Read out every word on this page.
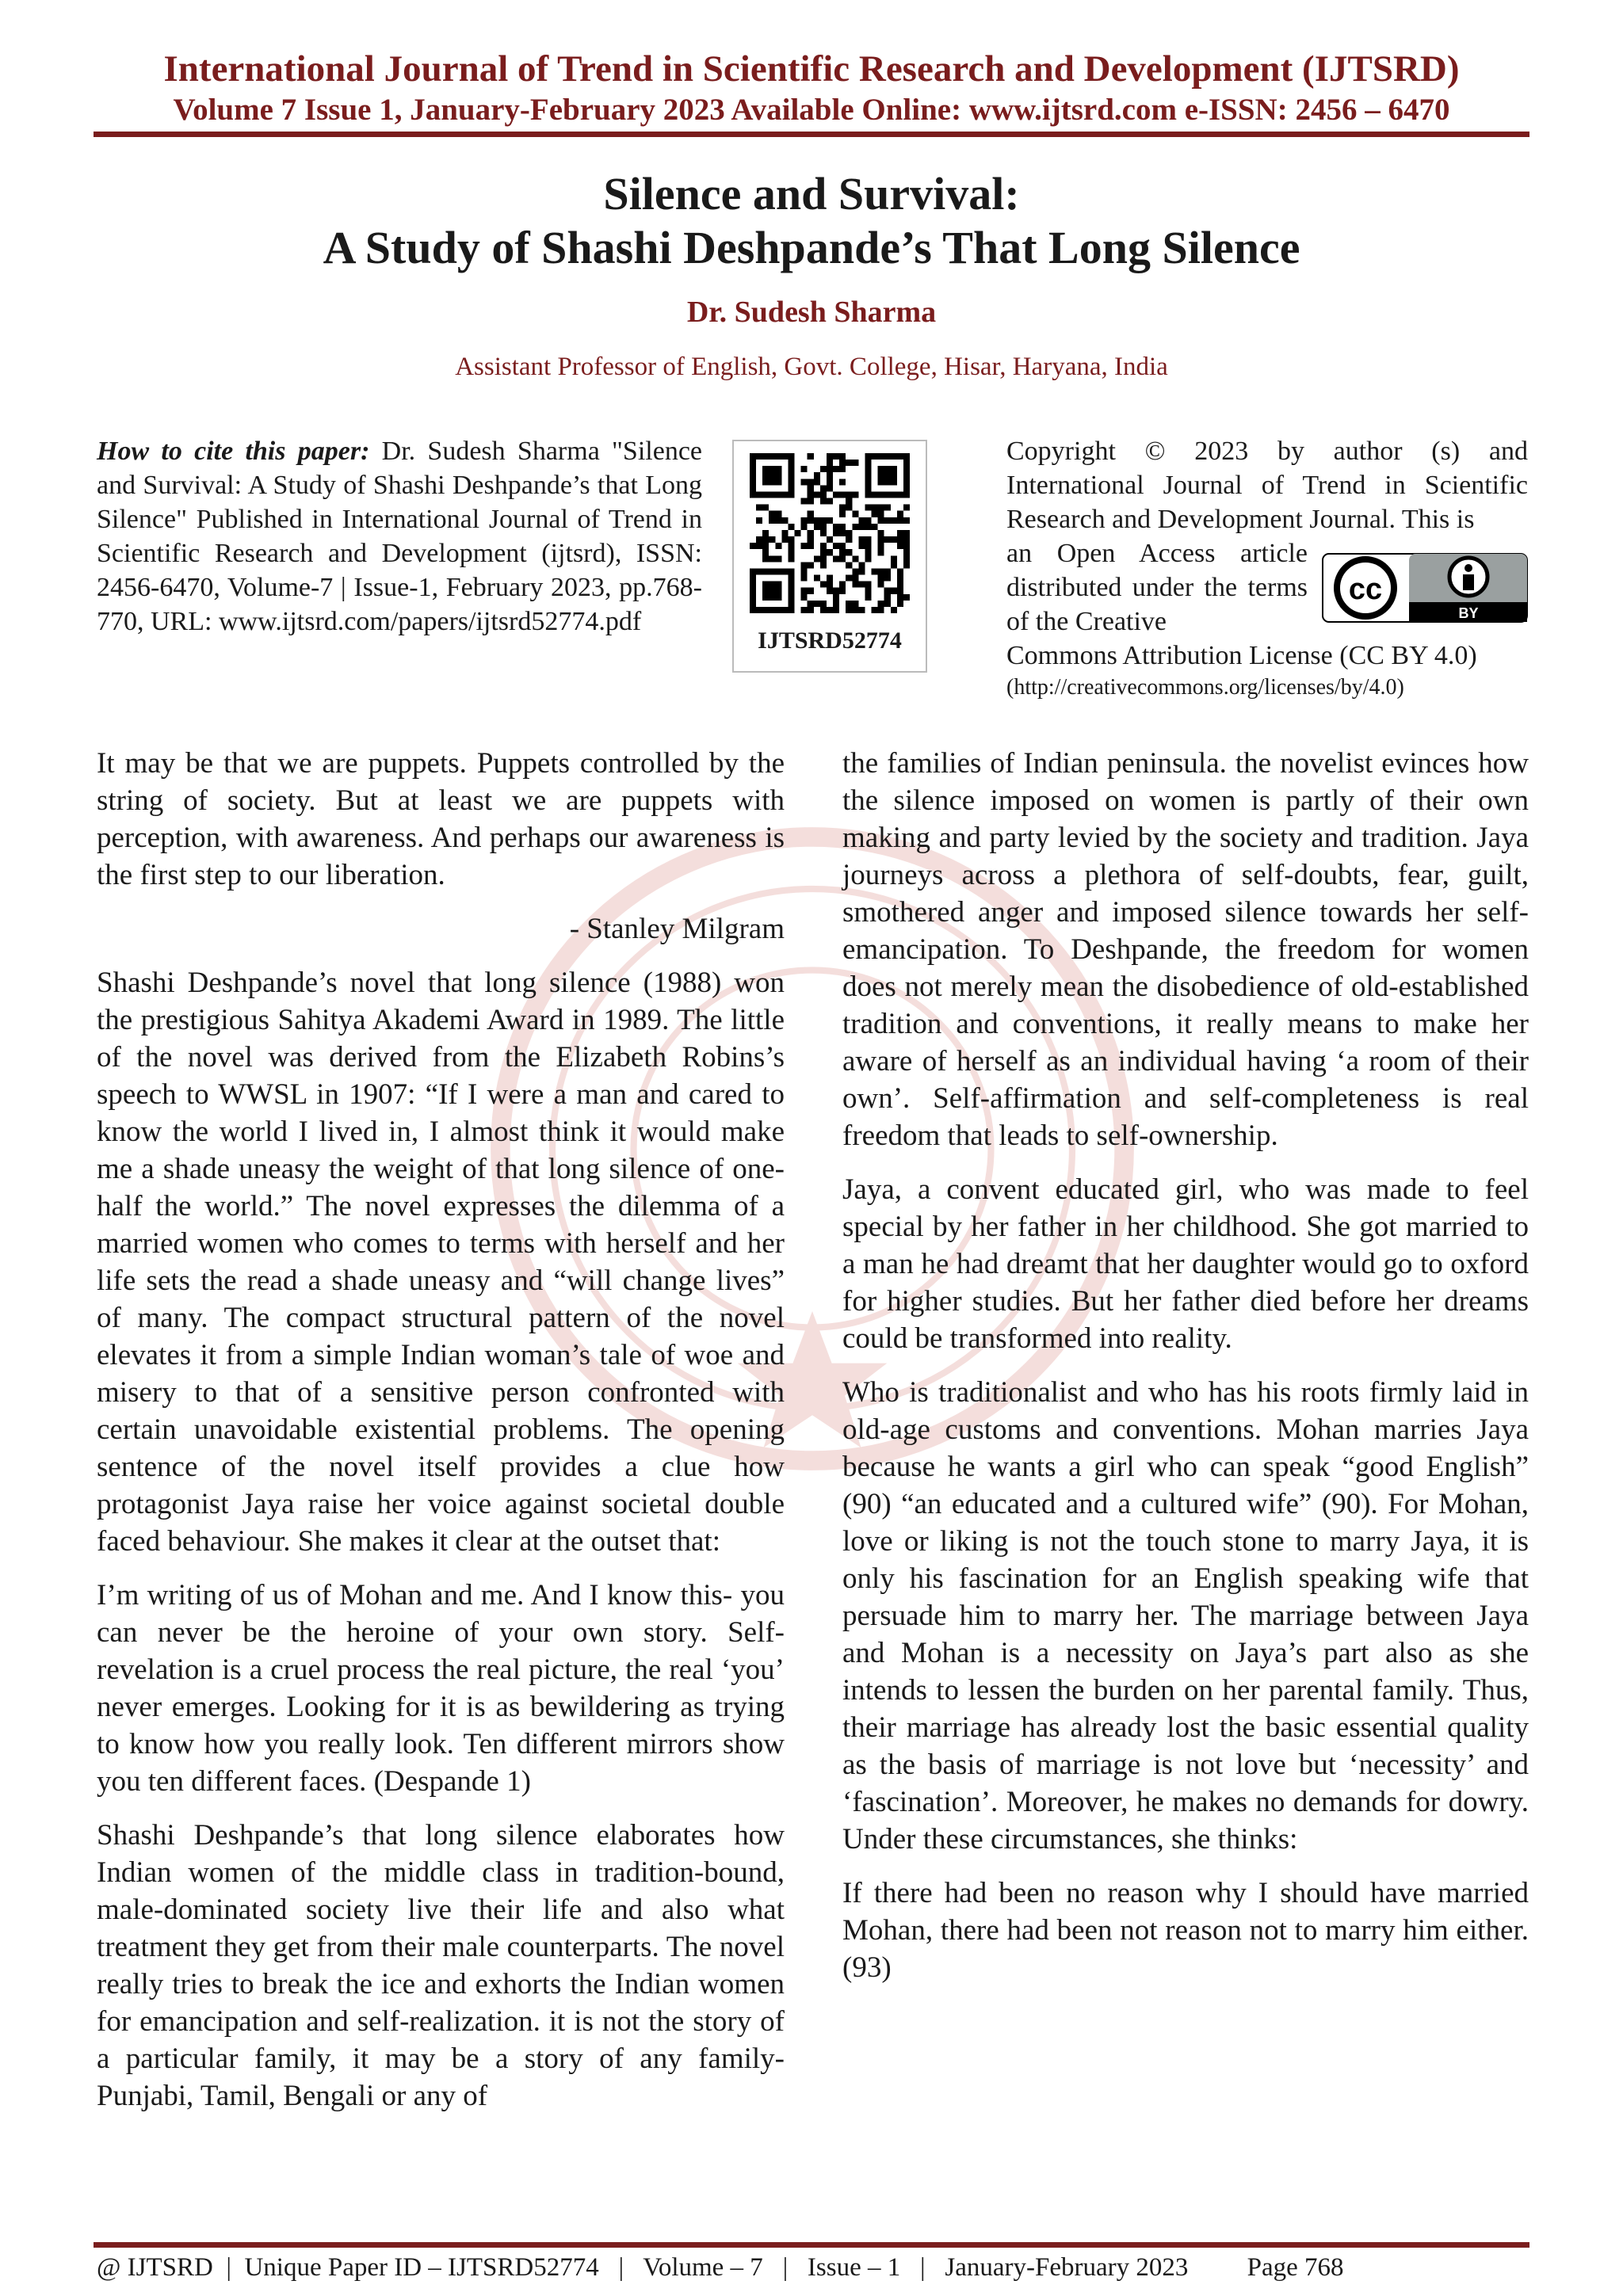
International Journal of Trend in Scientific Research and Development (IJTSRD)
Volume 7 Issue 1, January-February 2023 Available Online: www.ijtsrd.com e-ISSN: 2456 – 6470
Silence and Survival:
A Study of Shashi Deshpande’s That Long Silence
Dr. Sudesh Sharma
Assistant Professor of English, Govt. College, Hisar, Haryana, India
How to cite this paper: Dr. Sudesh Sharma "Silence and Survival: A Study of Shashi Deshpande’s that Long Silence" Published in International Journal of Trend in Scientific Research and Development (ijtsrd), ISSN: 2456-6470, Volume-7 | Issue-1, February 2023, pp.768-770, URL: www.ijtsrd.com/papers/ijtsrd52774.pdf
IJTSRD52774
Copyright © 2023 by author (s) and International Journal of Trend in Scientific Research and Development Journal. This is
an Open Access article distributed under the terms of the Creative
cc
BY
Commons Attribution License (CC BY 4.0)
(http://creativecommons.org/licenses/by/4.0)

It may be that we are puppets. Puppets controlled by the string of society. But at least we are puppets with perception, with awareness. And perhaps our awareness is the first step to our liberation.

- Stanley Milgram

Shashi Deshpande’s novel that long silence (1988) won the prestigious Sahitya Akademi Award in 1989. The little of the novel was derived from the Elizabeth Robins’s speech to WWSL in 1907: “If I were a man and cared to know the world I lived in, I almost think it would make me a shade uneasy the weight of that long silence of one-half the world.” The novel expresses the dilemma of a married women who comes to terms with herself and her life sets the read a shade uneasy and “will change lives” of many. The compact structural pattern of the novel elevates it from a simple Indian woman’s tale of woe and misery to that of a sensitive person confronted with certain unavoidable existential problems. The opening sentence of the novel itself provides a clue how protagonist Jaya raise her voice against societal double faced behaviour. She makes it clear at the outset that:

I’m writing of us of Mohan and me. And I know this- you can never be the heroine of your own story. Self-revelation is a cruel process the real picture, the real ‘you’ never emerges. Looking for it is as bewildering as trying to know how you really look. Ten different mirrors show you ten different faces. (Despande 1)

Shashi Deshpande’s that long silence elaborates how Indian women of the middle class in tradition-bound, male-dominated society live their life and also what treatment they get from their male counterparts. The novel really tries to break the ice and exhorts the Indian women for emancipation and self-realization. it is not the story of a particular family, it may be a story of any family- Punjabi, Tamil, Bengali or any of

the families of Indian peninsula. the novelist evinces how the silence imposed on women is partly of their own making and party levied by the society and tradition. Jaya journeys across a plethora of self-doubts, fear, guilt, smothered anger and imposed silence towards her self-emancipation. To Deshpande, the freedom for women does not merely mean the disobedience of old-established tradition and conventions, it really means to make her aware of herself as an individual having ‘a room of their own’. Self-affirmation and self-completeness is real freedom that leads to self-ownership.

Jaya, a convent educated girl, who was made to feel special by her father in her childhood. She got married to a man he had dreamt that her daughter would go to oxford for higher studies. But her father died before her dreams could be transformed into reality.

Who is traditionalist and who has his roots firmly laid in old-age customs and conventions. Mohan marries Jaya because he wants a girl who can speak “good English” (90) “an educated and a cultured wife” (90). For Mohan, love or liking is not the touch stone to marry Jaya, it is only his fascination for an English speaking wife that persuade him to marry her. The marriage between Jaya and Mohan is a necessity on Jaya’s part also as she intends to lessen the burden on her parental family. Thus, their marriage has already lost the basic essential quality as the basis of marriage is not love but ‘necessity’ and ‘fascination’. Moreover, he makes no demands for dowry. Under these circumstances, she thinks:

If there had been no reason why I should have married Mohan, there had been not reason not to marry him either. (93)

@ IJTSRD | Unique Paper ID – IJTSRD52774 | Volume – 7 | Issue – 1 | January-February 2023 Page 768
